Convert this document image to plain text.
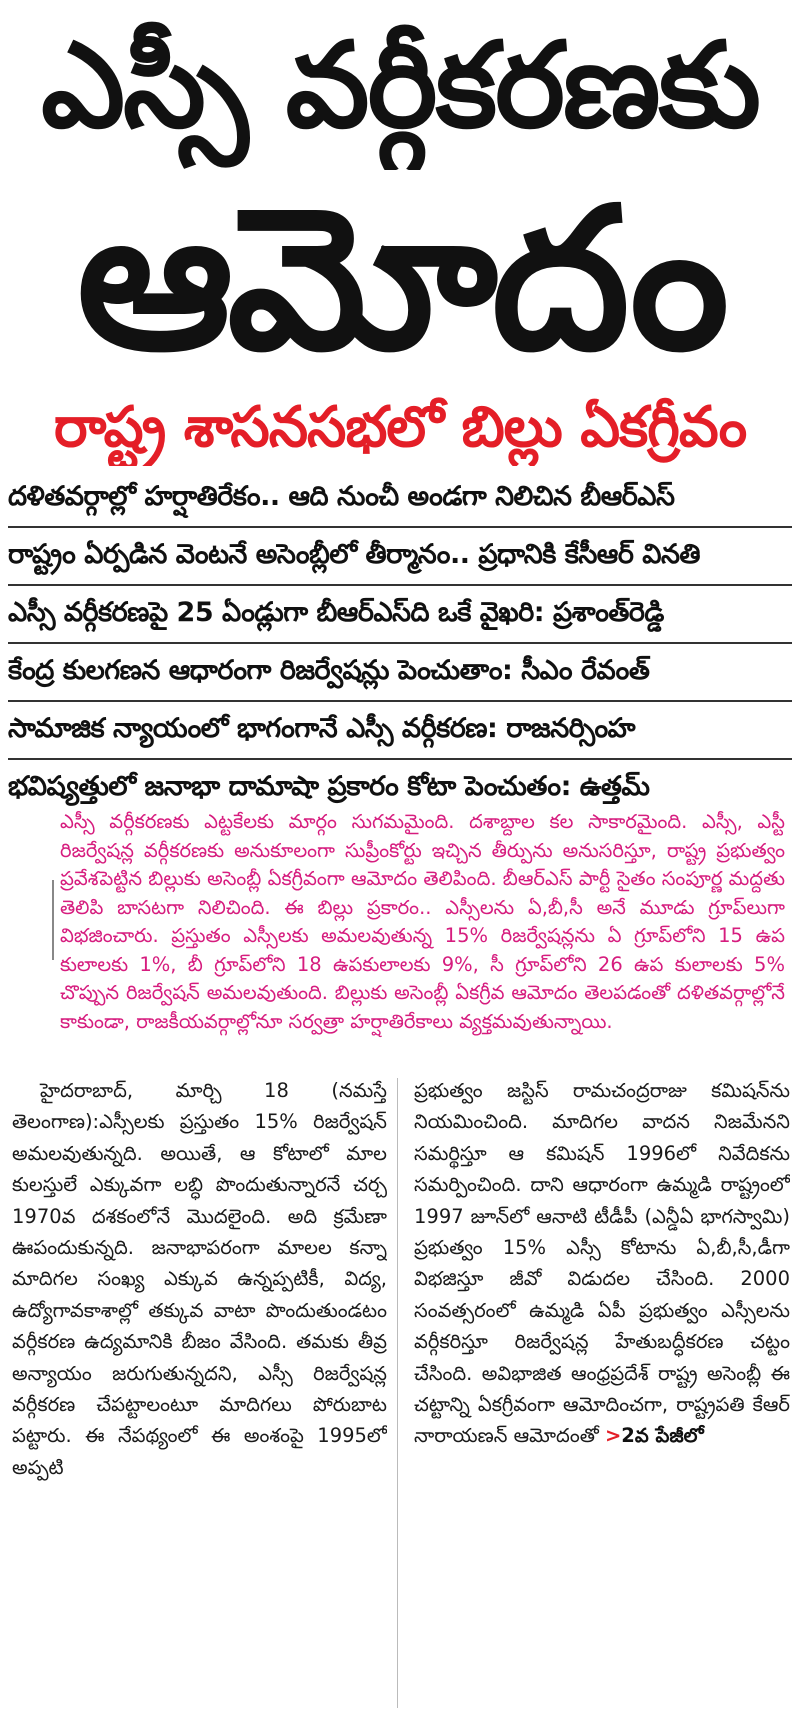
ఎస్సీ వర్గీకరణకు
ఆమోదం
రాష్ట్ర శాసనసభలో బిల్లు ఏకగ్రీవం
దళితవర్గాల్లో హర్షాతిరేకం.. ఆది నుంచీ అండగా నిలిచిన బీఆర్ఎస్
రాష్ట్రం ఏర్పడిన వెంటనే అసెంబ్లీలో తీర్మానం.. ప్రధానికి కేసీఆర్ వినతి
ఎస్సీ వర్గీకరణపై 25 ఏండ్లుగా బీఆర్ఎస్‌ది ఒకే వైఖరి: ప్రశాంత్‌రెడ్డి
కేంద్ర కులగణన ఆధారంగా రిజర్వేషన్లు పెంచుతాం: సీఎం రేవంత్
సామాజిక న్యాయంలో భాగంగానే ఎస్సీ వర్గీకరణ: రాజనర్సింహ
భవిష్యత్తులో జనాభా దామాషా ప్రకారం కోటా పెంచుతం: ఉత్తమ్
ఎస్సీ వర్గీకరణకు ఎట్టకేలకు మార్గం సుగమమైంది. దశాబ్దాల కల సాకారమైంది. ఎస్సీ, ఎస్టీ రిజర్వేషన్ల వర్గీకరణకు అనుకూలంగా సుప్రీంకోర్టు ఇచ్చిన తీర్పును అనుసరిస్తూ, రాష్ట్ర ప్రభుత్వం ప్రవేశపెట్టిన బిల్లుకు అసెంబ్లీ ఏకగ్రీవంగా ఆమోదం తెలిపింది. బీఆర్ఎస్ పార్టీ సైతం సంపూర్ణ మద్దతు తెలిపి బాసటగా నిలిచింది. ఈ బిల్లు ప్రకారం.. ఎస్సీలను ఏ,బీ,సీ అనే మూడు గ్రూప్‌లుగా విభజించారు. ప్రస్తుతం ఎస్సీలకు అమలవుతున్న 15% రిజర్వేషన్లను ఏ గ్రూప్‌లోని 15 ఉప కులాలకు 1%, బీ గ్రూప్‌లోని 18 ఉపకులాలకు 9%, సీ గ్రూప్‌లోని 26 ఉప కులాలకు 5% చొప్పున రిజర్వేషన్ అమలవుతుంది. బిల్లుకు అసెంబ్లీ ఏకగ్రీవ ఆమోదం తెలపడంతో దళితవర్గాల్లోనే కాకుండా, రాజకీయవర్గాల్లోనూ సర్వత్రా హర్షాతిరేకాలు వ్యక్తమవుతున్నాయి.

హైదరాబాద్, మార్చి 18 (నమస్తే తెలంగాణ):ఎస్సీలకు ప్రస్తుతం 15% రిజర్వేషన్ అమలవుతున్నది. అయితే, ఆ కోటాలో మాల కులస్తులే ఎక్కువగా లబ్ధి పొందుతున్నారనే చర్చ 1970వ దశకంలోనే మొదలైంది. అది క్రమేణా ఊపందుకున్నది. జనాభాపరంగా మాలల కన్నా మాదిగల సంఖ్య ఎక్కువ ఉన్నప్పటికీ, విద్య, ఉద్యోగావకాశాల్లో తక్కువ వాటా పొందుతుండటం వర్గీకరణ ఉద్యమానికి బీజం వేసింది. తమకు తీవ్ర అన్యాయం జరుగుతున్నదని, ఎస్సీ రిజర్వేషన్ల వర్గీకరణ చేపట్టాలంటూ మాదిగలు పోరుబాట పట్టారు. ఈ నేపథ్యంలో ఈ అంశంపై 1995లో అప్పటి

ప్రభుత్వం జస్టిస్ రామచంద్రరాజు కమిషన్‌ను నియమించింది. మాదిగల వాదన నిజమేనని సమర్థిస్తూ ఆ కమిషన్ 1996లో నివేదికను సమర్పించింది. దాని ఆధారంగా ఉమ్మడి రాష్ట్రంలో 1997 జూన్‌లో ఆనాటి టీడీపీ (ఎన్డీఏ భాగస్వామి) ప్రభుత్వం 15% ఎస్సీ కోటాను ఏ,బీ,సీ,డీగా విభజిస్తూ జీవో విడుదల చేసింది. 2000 సంవత్సరంలో ఉమ్మడి ఏపీ ప్రభుత్వం ఎస్సీలను వర్గీకరిస్తూ రిజర్వేషన్ల హేతుబద్ధీకరణ చట్టం చేసింది. అవిభాజిత ఆంధ్రప్రదేశ్ రాష్ట్ర అసెంబ్లీ ఈ చట్టాన్ని ఏకగ్రీవంగా ఆమోదించగా, రాష్ట్రపతి కేఆర్ నారాయణన్ ఆమోదంతో >2వ పేజీలో
